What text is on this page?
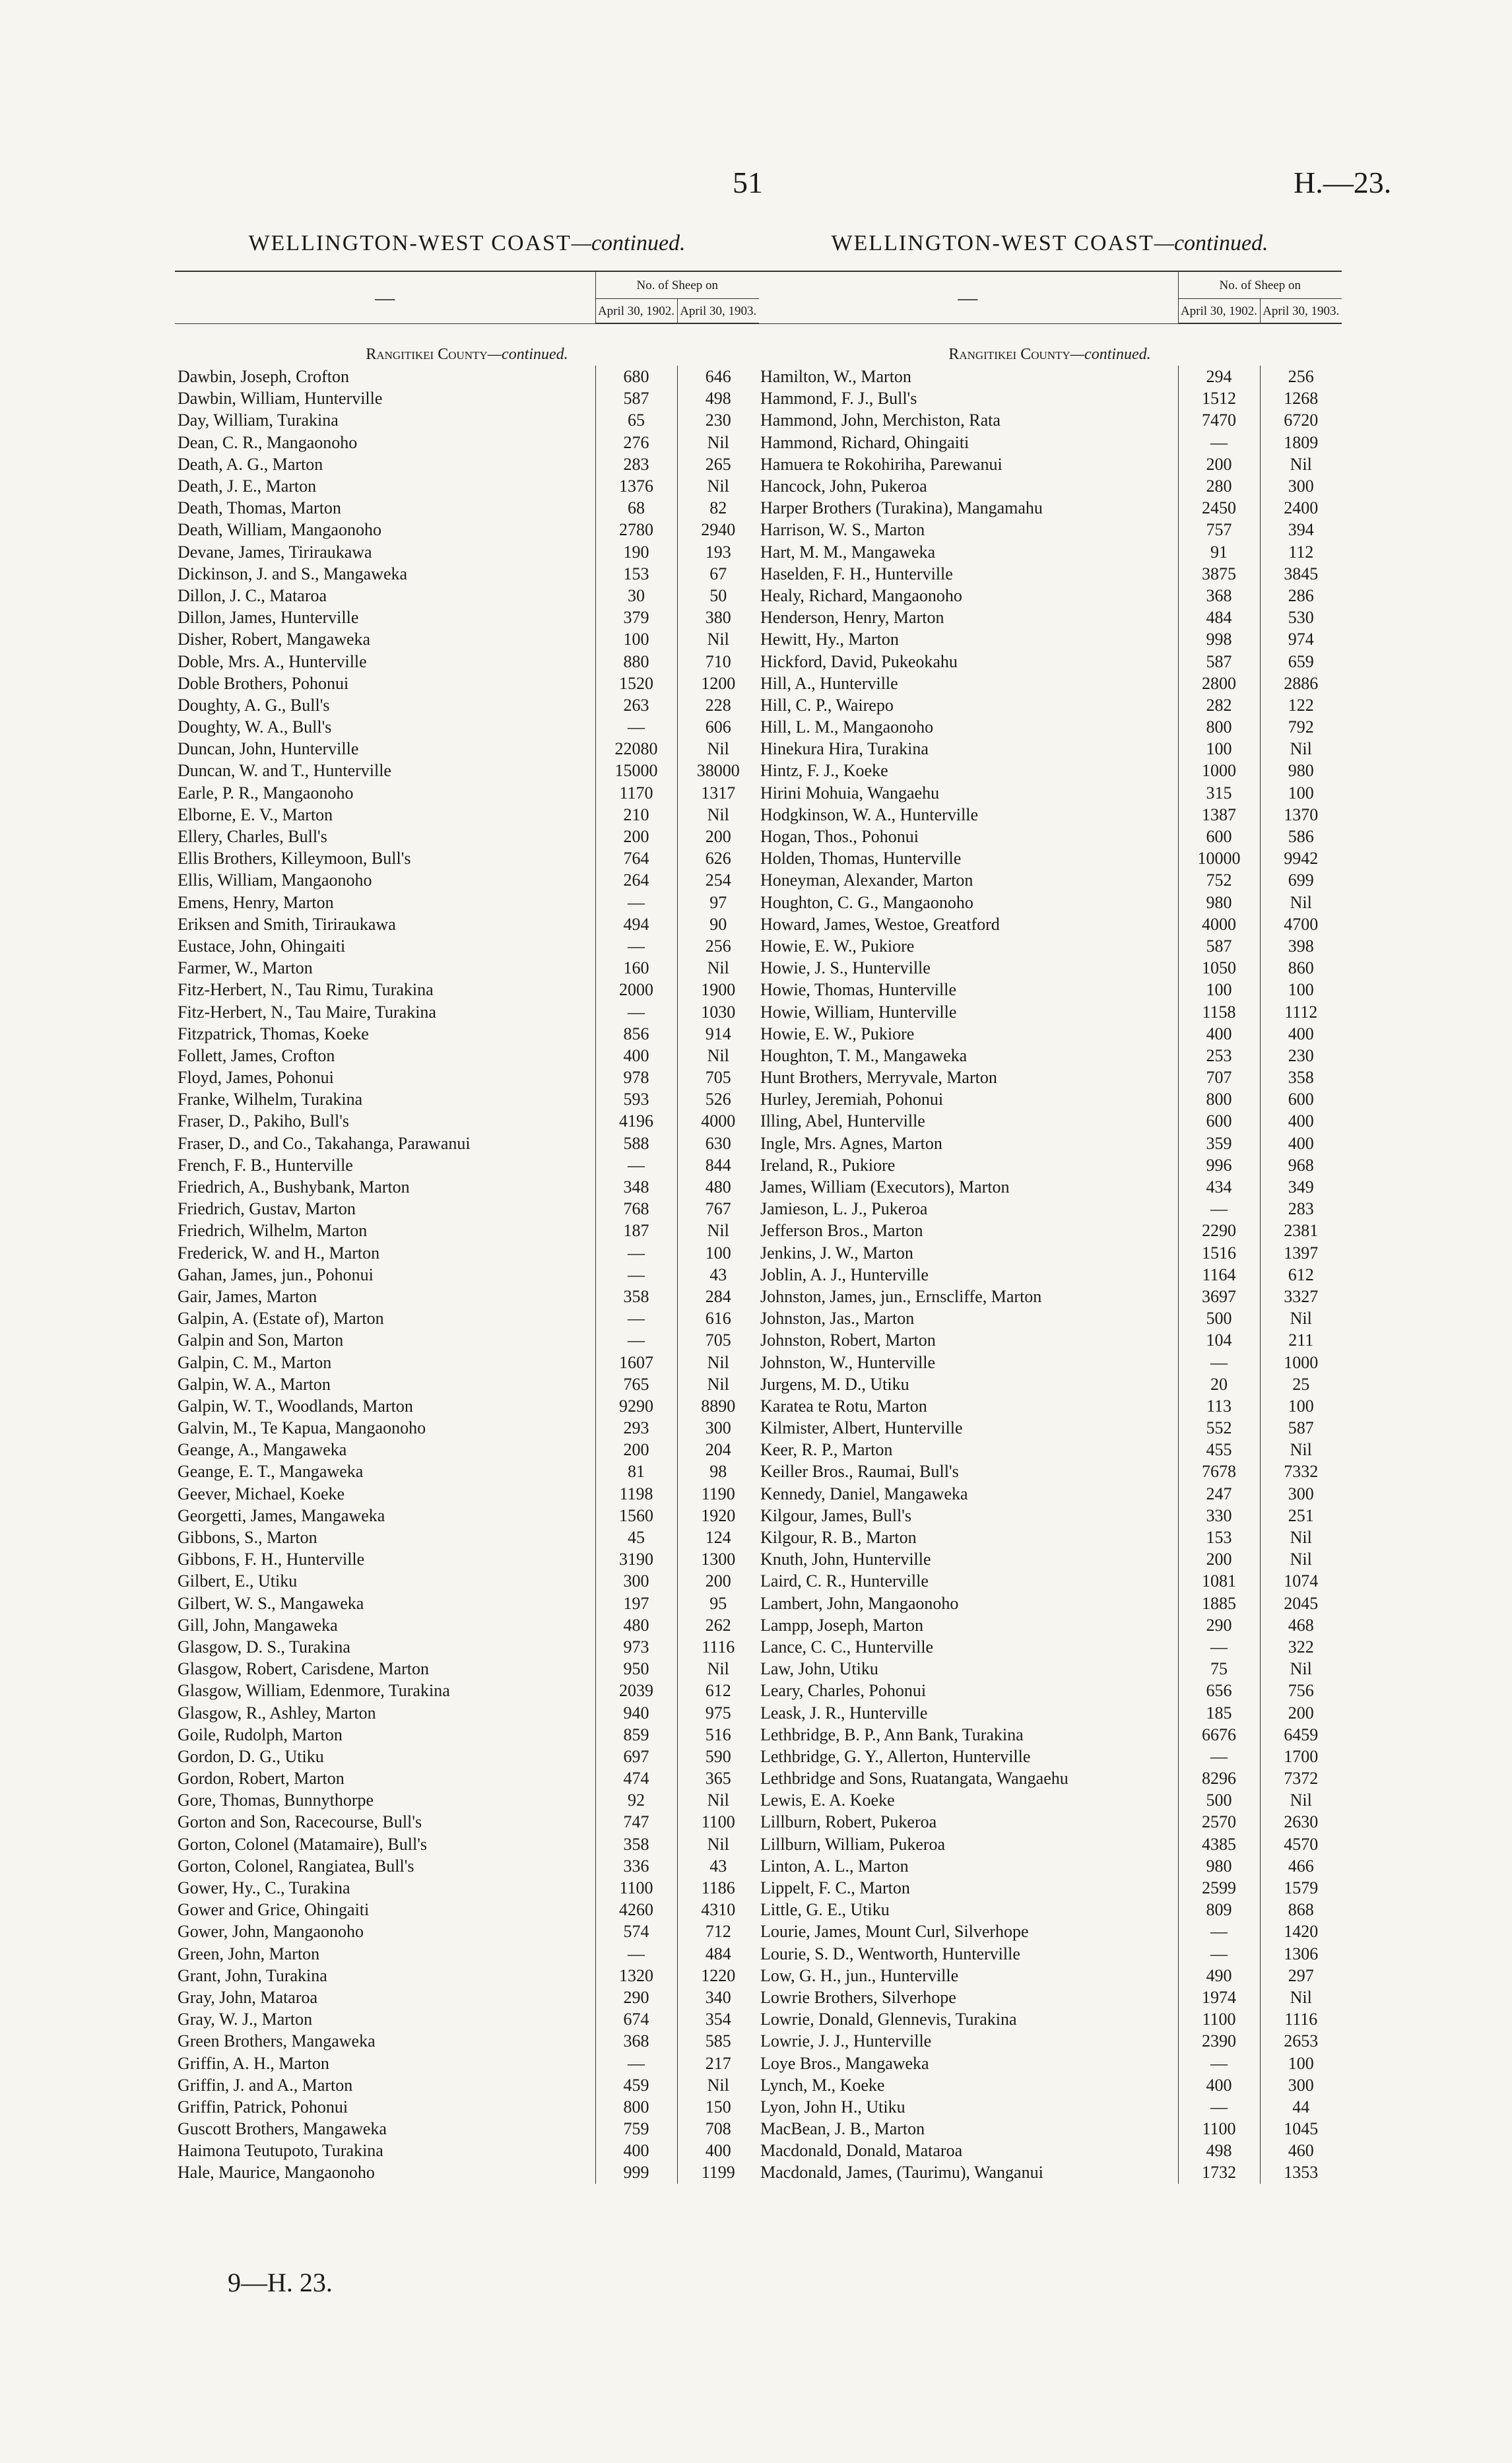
51	H.—23.
WELLINGTON-WEST COAST—continued.
—	No. of Sheep on	
	April 30, 1902.	April 30, 1903.
Rangitikei County—continued.		
Dawbin, Joseph, Crofton	680	646
Dawbin, William, Hunterville	587	498
Day, William, Turakina	65	230
Dean, C. R., Mangaonoho	276	Nil
Death, A. G., Marton	283	265
Death, J. E., Marton	1376	Nil
Death, Thomas, Marton	68	82
Death, William, Mangaonoho	2780	2940
Devane, James, Tiriraukawa	190	193
Dickinson, J. and S., Mangaweka	153	67
Dillon, J. C., Mataroa	30	50
Dillon, James, Hunterville	379	380
Disher, Robert, Mangaweka	100	Nil
Doble, Mrs. A., Hunterville	880	710
Doble Brothers, Pohonui	1520	1200
Doughty, A. G., Bull's	263	228
Doughty, W. A., Bull's	—	606
Duncan, John, Hunterville	22080	Nil
Duncan, W. and T., Hunterville	15000	38000
Earle, P. R., Mangaonoho	1170	1317
Elborne, E. V., Marton	210	Nil
Ellery, Charles, Bull's	200	200
Ellis Brothers, Killeymoon, Bull's	764	626
Ellis, William, Mangaonoho	264	254
Emens, Henry, Marton	—	97
Eriksen and Smith, Tiriraukawa	494	90
Eustace, John, Ohingaiti	—	256
Farmer, W., Marton	160	Nil
Fitz-Herbert, N., Tau Rimu, Turakina	2000	1900
Fitz-Herbert, N., Tau Maire, Turakina	—	1030
Fitzpatrick, Thomas, Koeke	856	914
Follett, James, Crofton	400	Nil
Floyd, James, Pohonui	978	705
Franke, Wilhelm, Turakina	593	526
Fraser, D., Pakiho, Bull's	4196	4000
Fraser, D., and Co., Takahanga, Parawanui	588	630
French, F. B., Hunterville	—	844
Friedrich, A., Bushybank, Marton	348	480
Friedrich, Gustav, Marton	768	767
Friedrich, Wilhelm, Marton	187	Nil
Frederick, W. and H., Marton	—	100
Gahan, James, jun., Pohonui	—	43
Gair, James, Marton	358	284
Galpin, A. (Estate of), Marton	—	616
Galpin and Son, Marton	—	705
Galpin, C. M., Marton	1607	Nil
Galpin, W. A., Marton	765	Nil
Galpin, W. T., Woodlands, Marton	9290	8890
Galvin, M., Te Kapua, Mangaonoho	293	300
Geange, A., Mangaweka	200	204
Geange, E. T., Mangaweka	81	98
Geever, Michael, Koeke	1198	1190
Georgetti, James, Mangaweka	1560	1920
Gibbons, S., Marton	45	124
Gibbons, F. H., Hunterville	3190	1300
Gilbert, E., Utiku	300	200
Gilbert, W. S., Mangaweka	197	95
Gill, John, Mangaweka	480	262
Glasgow, D. S., Turakina	973	1116
Glasgow, Robert, Carisdene, Marton	950	Nil
Glasgow, William, Edenmore, Turakina	2039	612
Glasgow, R., Ashley, Marton	940	975
Goile, Rudolph, Marton	859	516
Gordon, D. G., Utiku	697	590
Gordon, Robert, Marton	474	365
Gore, Thomas, Bunnythorpe	92	Nil
Gorton and Son, Racecourse, Bull's	747	1100
Gorton, Colonel (Matamaire), Bull's	358	Nil
Gorton, Colonel, Rangiatea, Bull's	336	43
Gower, Hy., C., Turakina	1100	1186
Gower and Grice, Ohingaiti	4260	4310
Gower, John, Mangaonoho	574	712
Green, John, Marton	—	484
Grant, John, Turakina	1320	1220
Gray, John, Mataroa	290	340
Gray, W. J., Marton	674	354
Green Brothers, Mangaweka	368	585
Griffin, A. H., Marton	—	217
Griffin, J. and A., Marton	459	Nil
Griffin, Patrick, Pohonui	800	150
Guscott Brothers, Mangaweka	759	708
Haimona Teutupoto, Turakina	400	400
Hale, Maurice, Mangaonoho	999	1199
WELLINGTON-WEST COAST—continued.
—	No. of Sheep on	
	April 30, 1902.	April 30, 1903.
Rangitikei County—continued.		
Hamilton, W., Marton	294	256
Hammond, F. J., Bull's	1512	1268
Hammond, John, Merchiston, Rata	7470	6720
Hammond, Richard, Ohingaiti	—	1809
Hamuera te Rokohiriha, Parewanui	200	Nil
Hancock, John, Pukeroa	280	300
Harper Brothers (Turakina), Mangamahu	2450	2400
Harrison, W. S., Marton	757	394
Hart, M. M., Mangaweka	91	112
Haselden, F. H., Hunterville	3875	3845
Healy, Richard, Mangaonoho	368	286
Henderson, Henry, Marton	484	530
Hewitt, Hy., Marton	998	974
Hickford, David, Pukeokahu	587	659
Hill, A., Hunterville	2800	2886
Hill, C. P., Wairepo	282	122
Hill, L. M., Mangaonoho	800	792
Hinekura Hira, Turakina	100	Nil
Hintz, F. J., Koeke	1000	980
Hirini Mohuia, Wangaehu	315	100
Hodgkinson, W. A., Hunterville	1387	1370
Hogan, Thos., Pohonui	600	586
Holden, Thomas, Hunterville	10000	9942
Honeyman, Alexander, Marton	752	699
Houghton, C. G., Mangaonoho	980	Nil
Howard, James, Westoe, Greatford	4000	4700
Howie, E. W., Pukiore	587	398
Howie, J. S., Hunterville	1050	860
Howie, Thomas, Hunterville	100	100
Howie, William, Hunterville	1158	1112
Howie, E. W., Pukiore	400	400
Houghton, T. M., Mangaweka	253	230
Hunt Brothers, Merryvale, Marton	707	358
Hurley, Jeremiah, Pohonui	800	600
Illing, Abel, Hunterville	600	400
Ingle, Mrs. Agnes, Marton	359	400
Ireland, R., Pukiore	996	968
James, William (Executors), Marton	434	349
Jamieson, L. J., Pukeroa	—	283
Jefferson Bros., Marton	2290	2381
Jenkins, J. W., Marton	1516	1397
Joblin, A. J., Hunterville	1164	612
Johnston, James, jun., Ernscliffe, Marton	3697	3327
Johnston, Jas., Marton	500	Nil
Johnston, Robert, Marton	104	211
Johnston, W., Hunterville	—	1000
Jurgens, M. D., Utiku	20	25
Karatea te Rotu, Marton	113	100
Kilmister, Albert, Hunterville	552	587
Keer, R. P., Marton	455	Nil
Keiller Bros., Raumai, Bull's	7678	7332
Kennedy, Daniel, Mangaweka	247	300
Kilgour, James, Bull's	330	251
Kilgour, R. B., Marton	153	Nil
Knuth, John, Hunterville	200	Nil
Laird, C. R., Hunterville	1081	1074
Lambert, John, Mangaonoho	1885	2045
Lampp, Joseph, Marton	290	468
Lance, C. C., Hunterville	—	322
Law, John, Utiku	75	Nil
Leary, Charles, Pohonui	656	756
Leask, J. R., Hunterville	185	200
Lethbridge, B. P., Ann Bank, Turakina	6676	6459
Lethbridge, G. Y., Allerton, Hunterville	—	1700
Lethbridge and Sons, Ruatangata, Wangaehu	8296	7372
Lewis, E. A. Koeke	500	Nil
Lillburn, Robert, Pukeroa	2570	2630
Lillburn, William, Pukeroa	4385	4570
Linton, A. L., Marton	980	466
Lippelt, F. C., Marton	2599	1579
Little, G. E., Utiku	809	868
Lourie, James, Mount Curl, Silverhope	—	1420
Lourie, S. D., Wentworth, Hunterville	—	1306
Low, G. H., jun., Hunterville	490	297
Lowrie Brothers, Silverhope	1974	Nil
Lowrie, Donald, Glennevis, Turakina	1100	1116
Lowrie, J. J., Hunterville	2390	2653
Loye Bros., Mangaweka	—	100
Lynch, M., Koeke	400	300
Lyon, John H., Utiku	—	44
MacBean, J. B., Marton	1100	1045
Macdonald, Donald, Mataroa	498	460
Macdonald, James, (Taurimu), Wanganui	1732	1353
9—H. 23.
